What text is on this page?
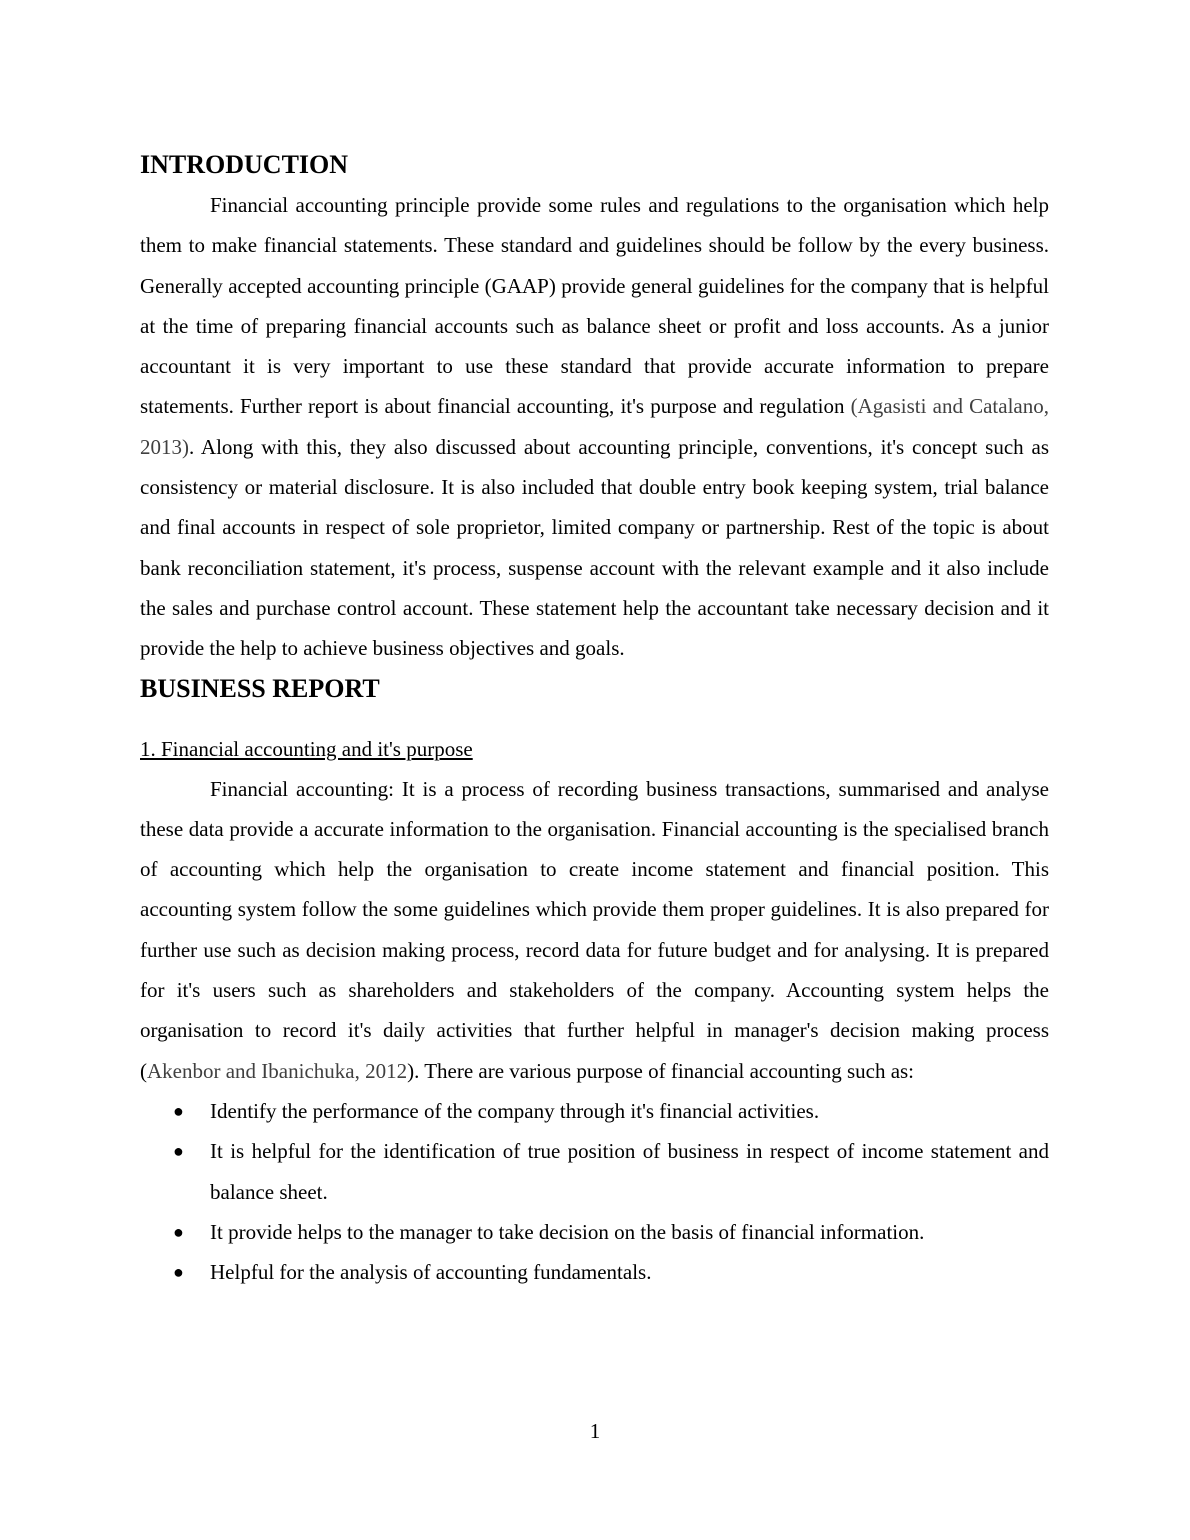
INTRODUCTION

Financial accounting principle provide some rules and regulations to the organisation which help them to make financial statements. These standard and guidelines should be follow by the every business. Generally accepted accounting principle (GAAP) provide general guidelines for the company that is helpful at the time of preparing financial accounts such as balance sheet or profit and loss accounts. As a junior accountant it is very important to use these standard that provide accurate information to prepare statements. Further report is about financial accounting, it's purpose and regulation (Agasisti and Catalano, 2013). Along with this, they also discussed about accounting principle, conventions, it's concept such as consistency or material disclosure. It is also included that double entry book keeping system, trial balance and final accounts in respect of sole proprietor, limited company or partnership. Rest of the topic is about bank reconciliation statement, it's process, suspense account with the relevant example and it also include the sales and purchase control account. These statement help the accountant take necessary decision and it provide the help to achieve business objectives and goals.

BUSINESS REPORT
1. Financial accounting and it's purpose

Financial accounting: It is a process of recording business transactions, summarised and analyse these data provide a accurate information to the organisation. Financial accounting is the specialised branch of accounting which help the organisation to create income statement and financial position. This accounting system follow the some guidelines which provide them proper guidelines. It is also prepared for further use such as decision making process, record data for future budget and for analysing. It is prepared for it's users such as shareholders and stakeholders of the company. Accounting system helps the organisation to record it's daily activities that further helpful in manager's decision making process (Akenbor and Ibanichuka, 2012). There are various purpose of financial accounting such as:

● Identify the performance of the company through it's financial activities.
● It is helpful for the identification of true position of business in respect of income statement and balance sheet.
● It provide helps to the manager to take decision on the basis of financial information.
● Helpful for the analysis of accounting fundamentals.
1
